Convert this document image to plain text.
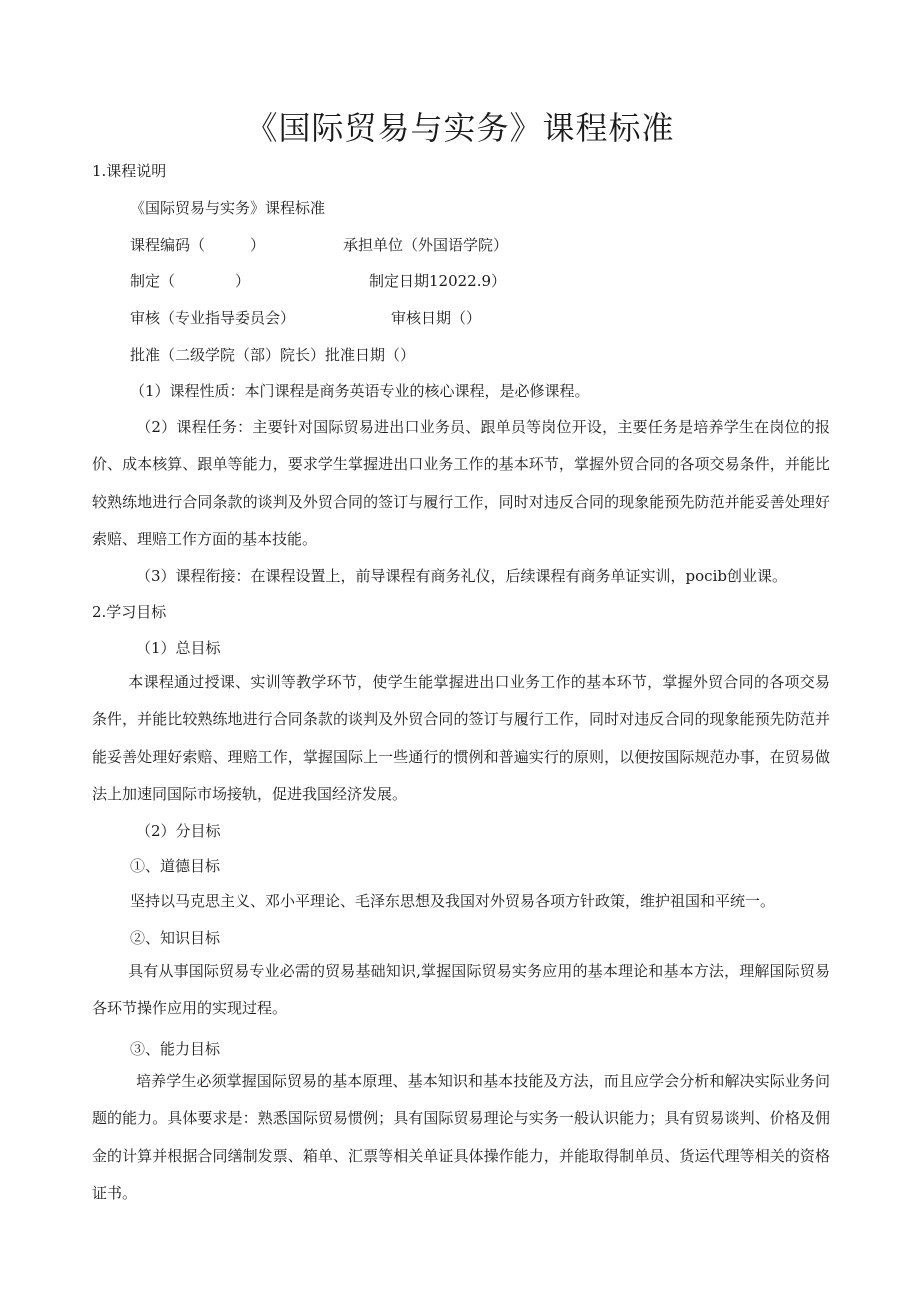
《国际贸易与实务》课程标准
1.课程说明
《国际贸易与实务》课程标准
课程编码（　　　）	承担单位（外国语学院）
制定（　　　　）	制定日期12022.9）
审核（专业指导委员会）	审核日期（）
批准（二级学院（部）院长）批准日期（）
（1）课程性质：本门课程是商务英语专业的核心课程，是必修课程。
（2）课程任务：主要针对国际贸易进出口业务员、跟单员等岗位开设，主要任务是培养学生在岗位的报价、成本核算、跟单等能力，要求学生掌握进出口业务工作的基本环节，掌握外贸合同的各项交易条件，并能比较熟练地进行合同条款的谈判及外贸合同的签订与履行工作，同时对违反合同的现象能预先防范并能妥善处理好索赔、理赔工作方面的基本技能。
（3）课程衔接：在课程设置上，前导课程有商务礼仪，后续课程有商务单证实训，pocib创业课。
2.学习目标
（1）总目标
本课程通过授课、实训等教学环节，使学生能掌握进出口业务工作的基本环节，掌握外贸合同的各项交易条件，并能比较熟练地进行合同条款的谈判及外贸合同的签订与履行工作，同时对违反合同的现象能预先防范并能妥善处理好索赔、理赔工作，掌握国际上一些通行的惯例和普遍实行的原则，以便按国际规范办事，在贸易做法上加速同国际市场接轨，促进我国经济发展。
（2）分目标
①、道德目标
坚持以马克思主义、邓小平理论、毛泽东思想及我国对外贸易各项方针政策，维护祖国和平统一。
②、知识目标
具有从事国际贸易专业必需的贸易基础知识,掌握国际贸易实务应用的基本理论和基本方法，理解国际贸易各环节操作应用的实现过程。
③、能力目标
培养学生必须掌握国际贸易的基本原理、基本知识和基本技能及方法，而且应学会分析和解决实际业务问题的能力。具体要求是：熟悉国际贸易惯例；具有国际贸易理论与实务一般认识能力；具有贸易谈判、价格及佣金的计算并根据合同缮制发票、箱单、汇票等相关单证具体操作能力，并能取得制单员、货运代理等相关的资格证书。
